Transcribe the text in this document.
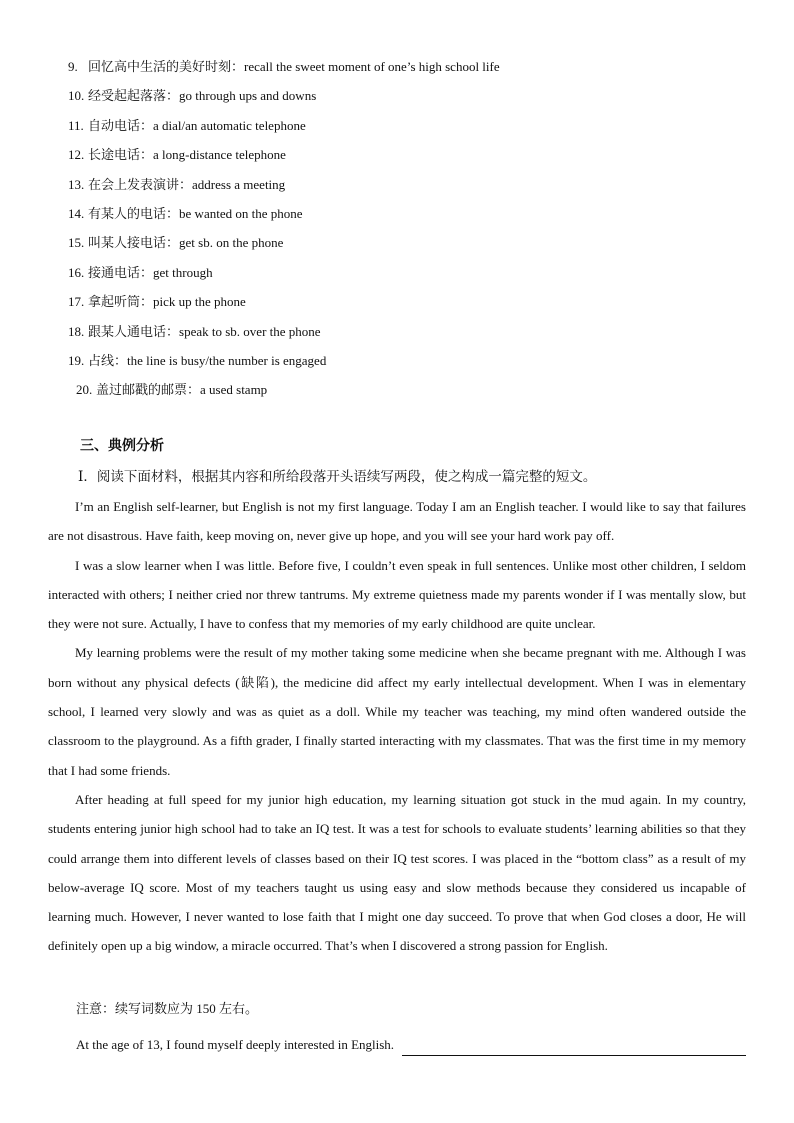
9. 回忆高中生活的美好时刻：recall the sweet moment of one’s high school life
10. 经受起起落落：go through ups and downs
11. 自动电话：a dial/an automatic telephone
12. 长途电话：a long-distance telephone
13. 在会上发表演讲：address a meeting
14. 有某人的电话：be wanted on the phone
15. 叫某人接电话：get sb. on the phone
16. 接通电话：get through
17. 拿起听筒：pick up the phone
18. 跟某人通电话：speak to sb. over the phone
19. 占线：the line is busy/the number is engaged
20. 盖过邮戳的邮票：a used stamp
三、典例分析
Ⅰ．阅读下面材料，根据其内容和所给段落开头语续写两段，使之构成一篇完整的短文。

I’m an English self-learner, but English is not my first language. Today I am an English teacher. I would like to say that failures are not disastrous. Have faith, keep moving on, never give up hope, and you will see your hard work pay off.

I was a slow learner when I was little. Before five, I couldn’t even speak in full sentences. Unlike most other children, I seldom interacted with others; I neither cried nor threw tantrums. My extreme quietness made my parents wonder if I was mentally slow, but they were not sure. Actually, I have to confess that my memories of my early childhood are quite unclear.

My learning problems were the result of my mother taking some medicine when she became pregnant with me. Although I was born without any physical defects (缺陷), the medicine did affect my early intellectual development. When I was in elementary school, I learned very slowly and was as quiet as a doll. While my teacher was teaching, my mind often wandered outside the classroom to the playground. As a fifth grader, I finally started interacting with my classmates. That was the first time in my memory that I had some friends.

After heading at full speed for my junior high education, my learning situation got stuck in the mud again. In my country, students entering junior high school had to take an IQ test. It was a test for schools to evaluate students’ learning abilities so that they could arrange them into different levels of classes based on their IQ test scores. I was placed in the “bottom class” as a result of my below-average IQ score. Most of my teachers taught us using easy and slow methods because they considered us incapable of learning much. However, I never wanted to lose faith that I might one day succeed. To prove that when God closes a door, He will definitely open up a big window, a miracle occurred. That’s when I discovered a strong passion for English.

注意：续写词数应为 150 左右。
At the age of 13, I found myself deeply interested in English.
